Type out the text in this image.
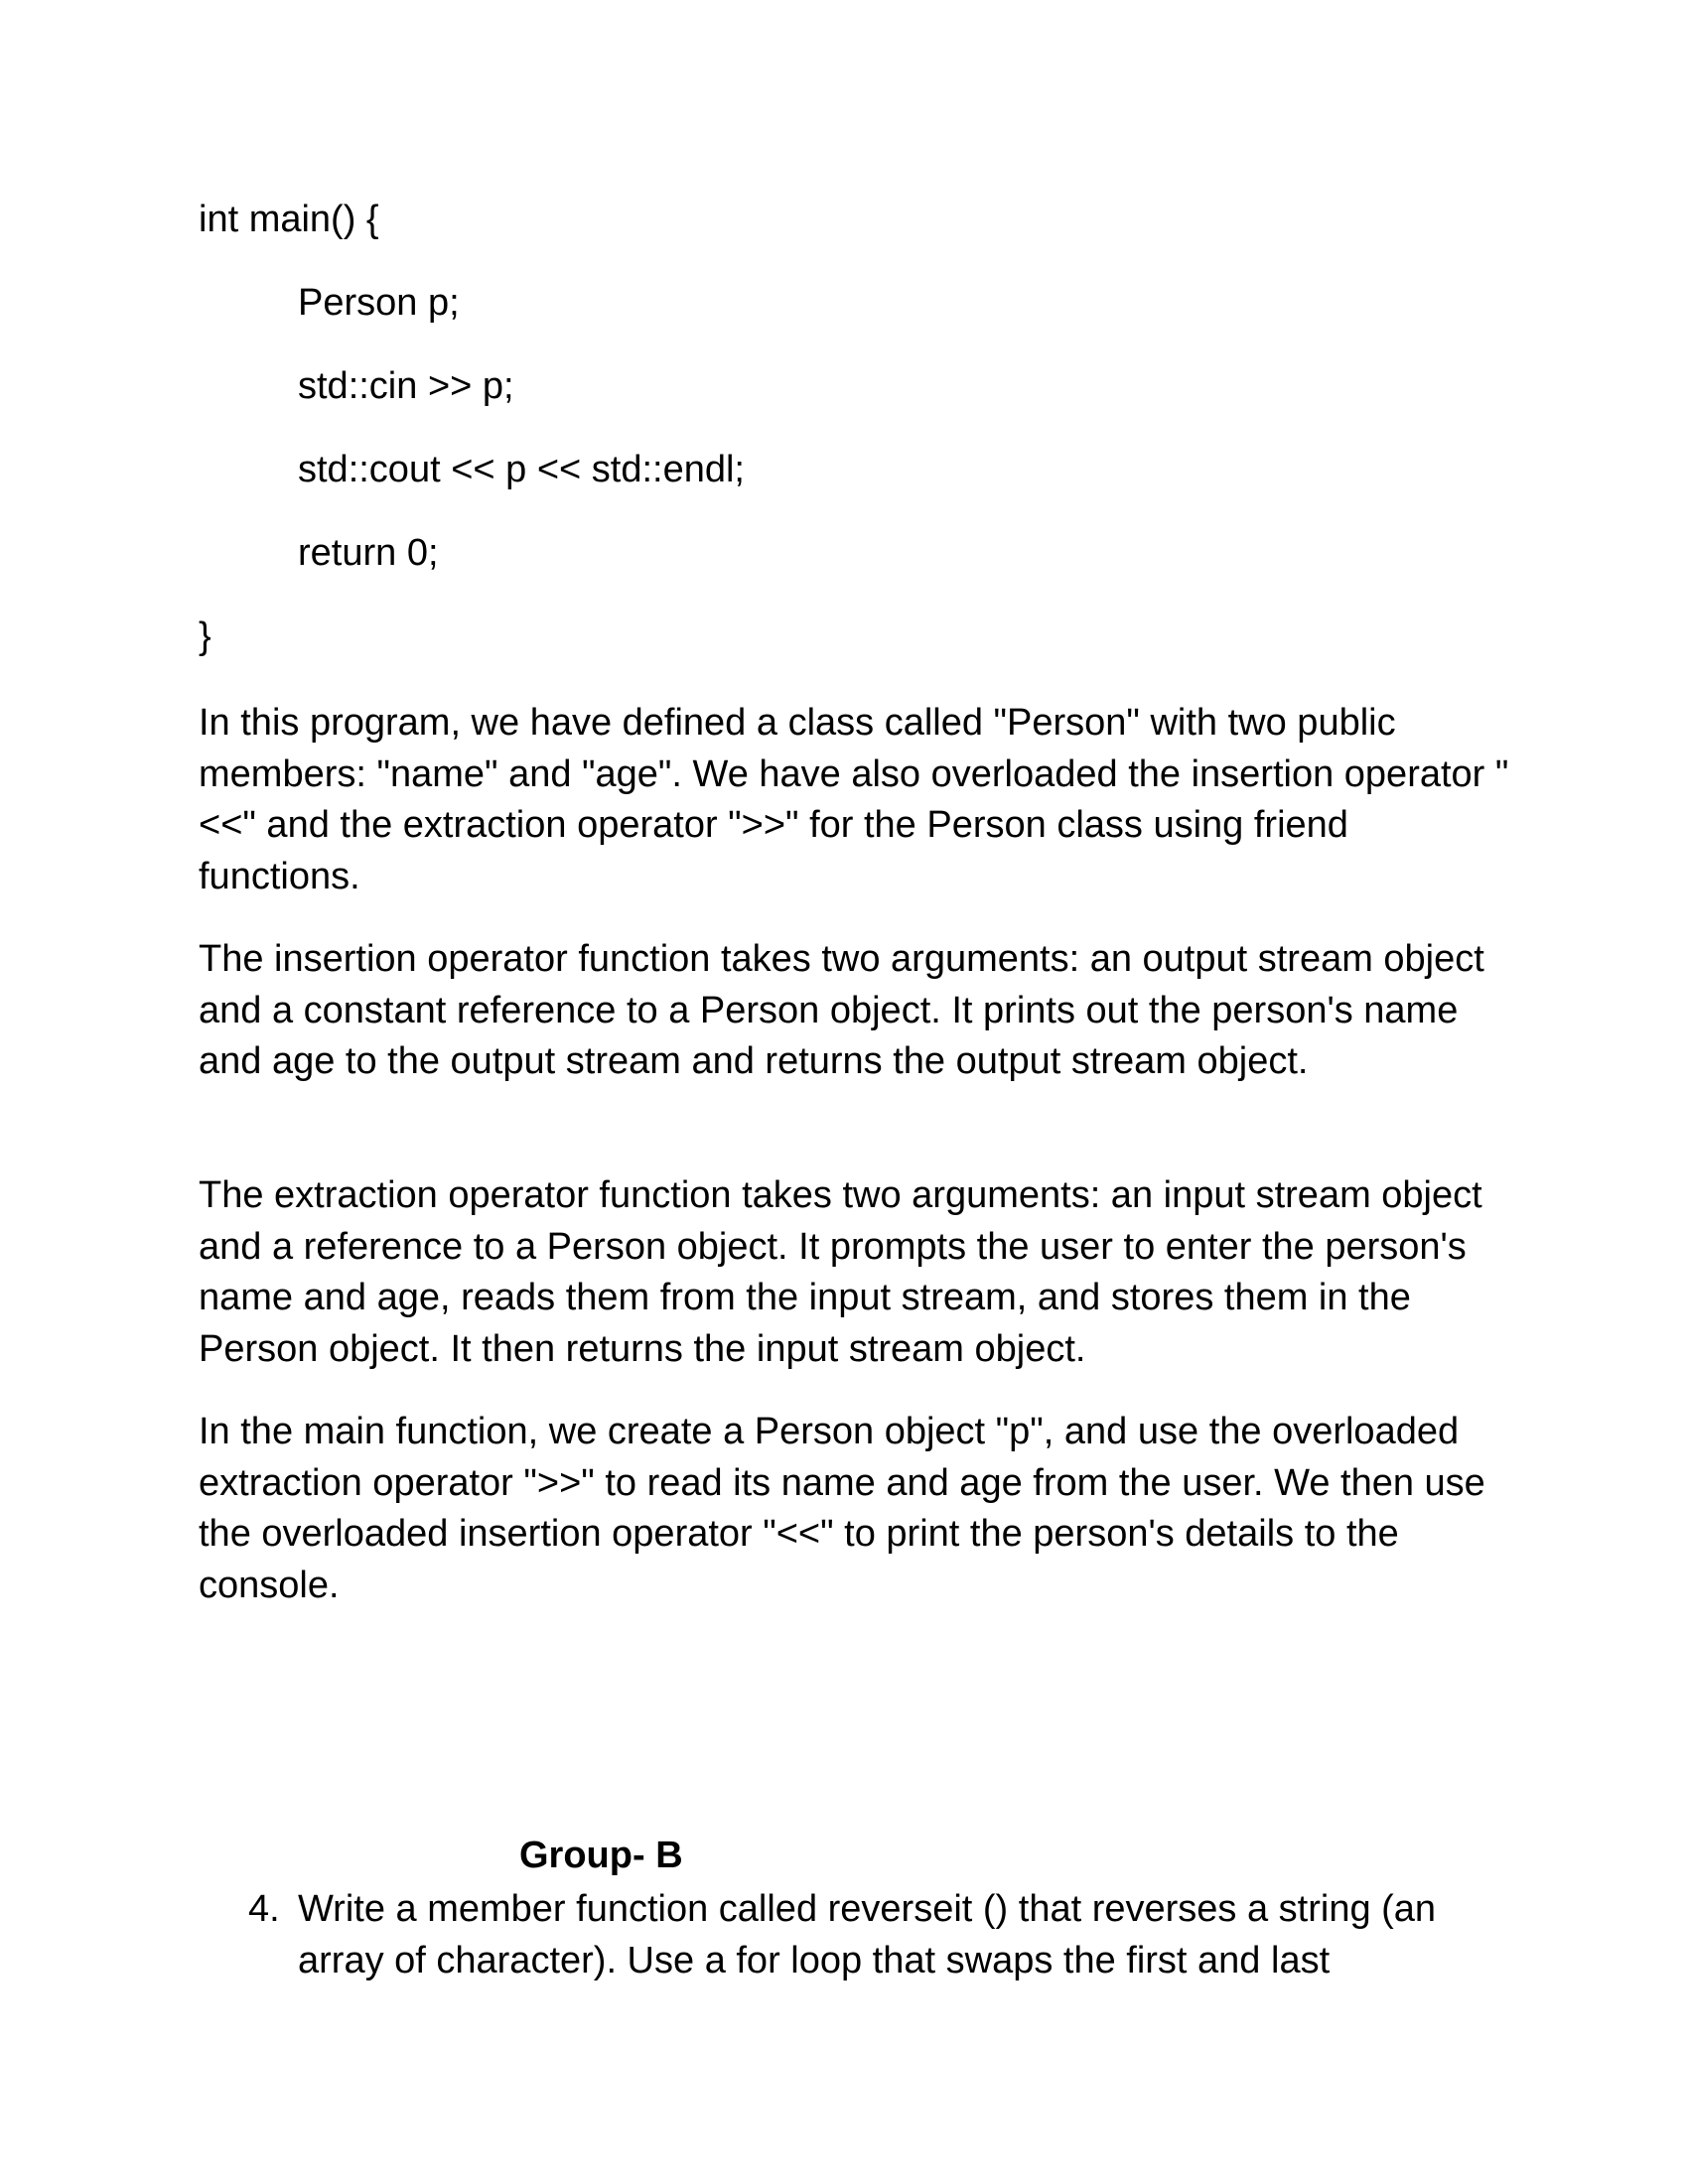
int main() {

Person p;

std::cin >> p;

std::cout << p << std::endl;

return 0;

}

In this program, we have defined a class called "Person" with two public members: "name" and "age". We have also overloaded the insertion operator "<<" and the extraction operator ">>" for the Person class using friend functions.

The insertion operator function takes two arguments: an output stream object and a constant reference to a Person object. It prints out the person's name and age to the output stream and returns the output stream object.

The extraction operator function takes two arguments: an input stream object and a reference to a Person object. It prompts the user to enter the person's name and age, reads them from the input stream, and stores them in the Person object. It then returns the input stream object.

In the main function, we create a Person object "p", and use the overloaded extraction operator ">>" to read its name and age from the user. We then use the overloaded insertion operator "<<" to print the person's details to the console.

Group- B

4. Write a member function called reverseit () that reverses a string (an array of character). Use a for loop that swaps the first and last
